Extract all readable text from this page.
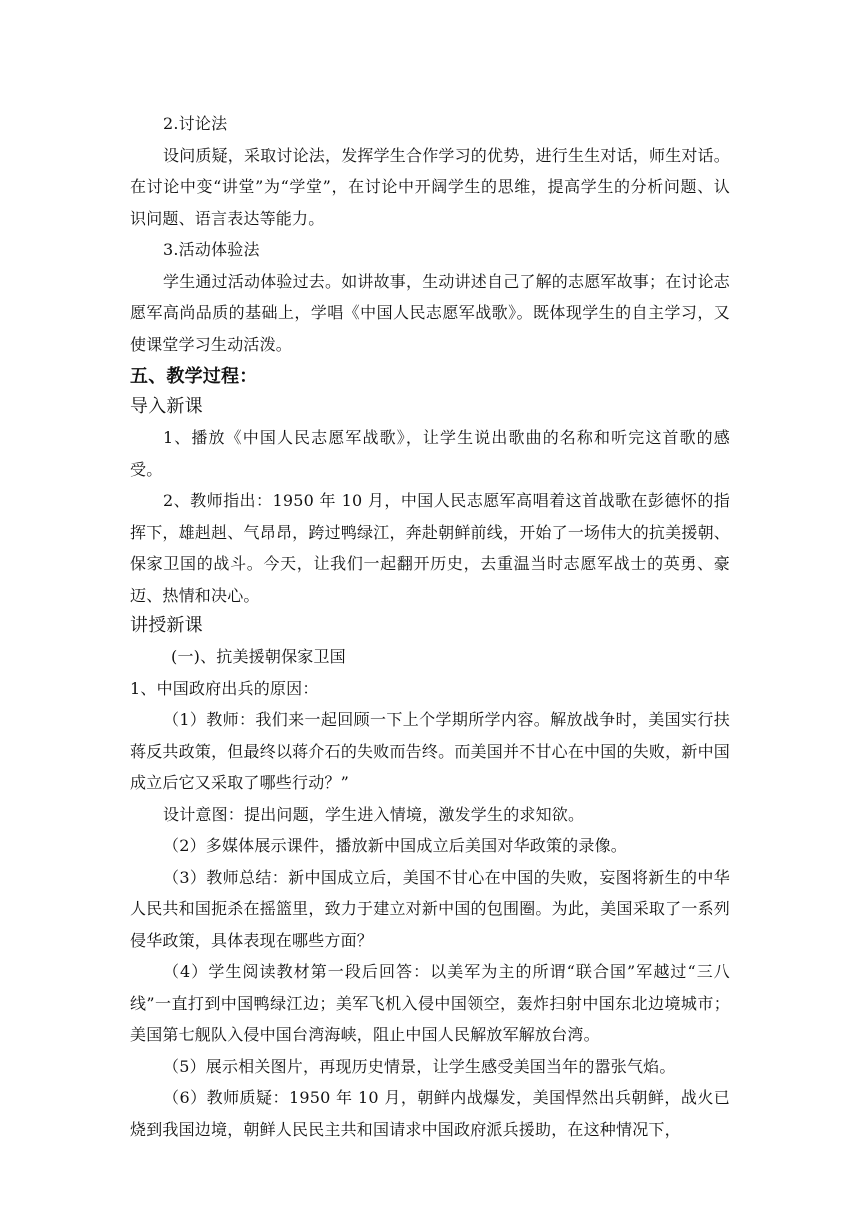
2.讨论法

设问质疑，采取讨论法，发挥学生合作学习的优势，进行生生对话，师生对话。在讨论中变“讲堂”为“学堂”，在讨论中开阔学生的思维，提高学生的分析问题、认识问题、语言表达等能力。

3.活动体验法

学生通过活动体验过去。如讲故事，生动讲述自己了解的志愿军故事；在讨论志愿军高尚品质的基础上，学唱《中国人民志愿军战歌》。既体现学生的自主学习，又使课堂学习生动活泼。

五、教学过程：

导入新课

1、播放《中国人民志愿军战歌》，让学生说出歌曲的名称和听完这首歌的感受。

2、教师指出：1950 年 10 月，中国人民志愿军高唱着这首战歌在彭德怀的指挥下，雄赳赳、气昂昂，跨过鸭绿江，奔赴朝鲜前线，开始了一场伟大的抗美援朝、保家卫国的战斗。今天，让我们一起翻开历史，去重温当时志愿军战士的英勇、豪迈、热情和决心。

讲授新课

(一)、抗美援朝保家卫国

1、中国政府出兵的原因：

（1）教师：我们来一起回顾一下上个学期所学内容。解放战争时，美国实行扶蒋反共政策，但最终以蒋介石的失败而告终。而美国并不甘心在中国的失败，新中国成立后它又采取了哪些行动？”

设计意图：提出问题，学生进入情境，激发学生的求知欲。

（2）多媒体展示课件，播放新中国成立后美国对华政策的录像。

（3）教师总结：新中国成立后，美国不甘心在中国的失败，妄图将新生的中华人民共和国扼杀在摇篮里，致力于建立对新中国的包围圈。为此，美国采取了一系列侵华政策，具体表现在哪些方面？

（4）学生阅读教材第一段后回答：以美军为主的所谓“联合国”军越过“三八线”一直打到中国鸭绿江边；美军飞机入侵中国领空，轰炸扫射中国东北边境城市；美国第七舰队入侵中国台湾海峡，阻止中国人民解放军解放台湾。

（5）展示相关图片，再现历史情景，让学生感受美国当年的嚣张气焰。

（6）教师质疑：1950 年 10 月，朝鲜内战爆发，美国悍然出兵朝鲜，战火已烧到我国边境，朝鲜人民民主共和国请求中国政府派兵援助，在这种情况下，
